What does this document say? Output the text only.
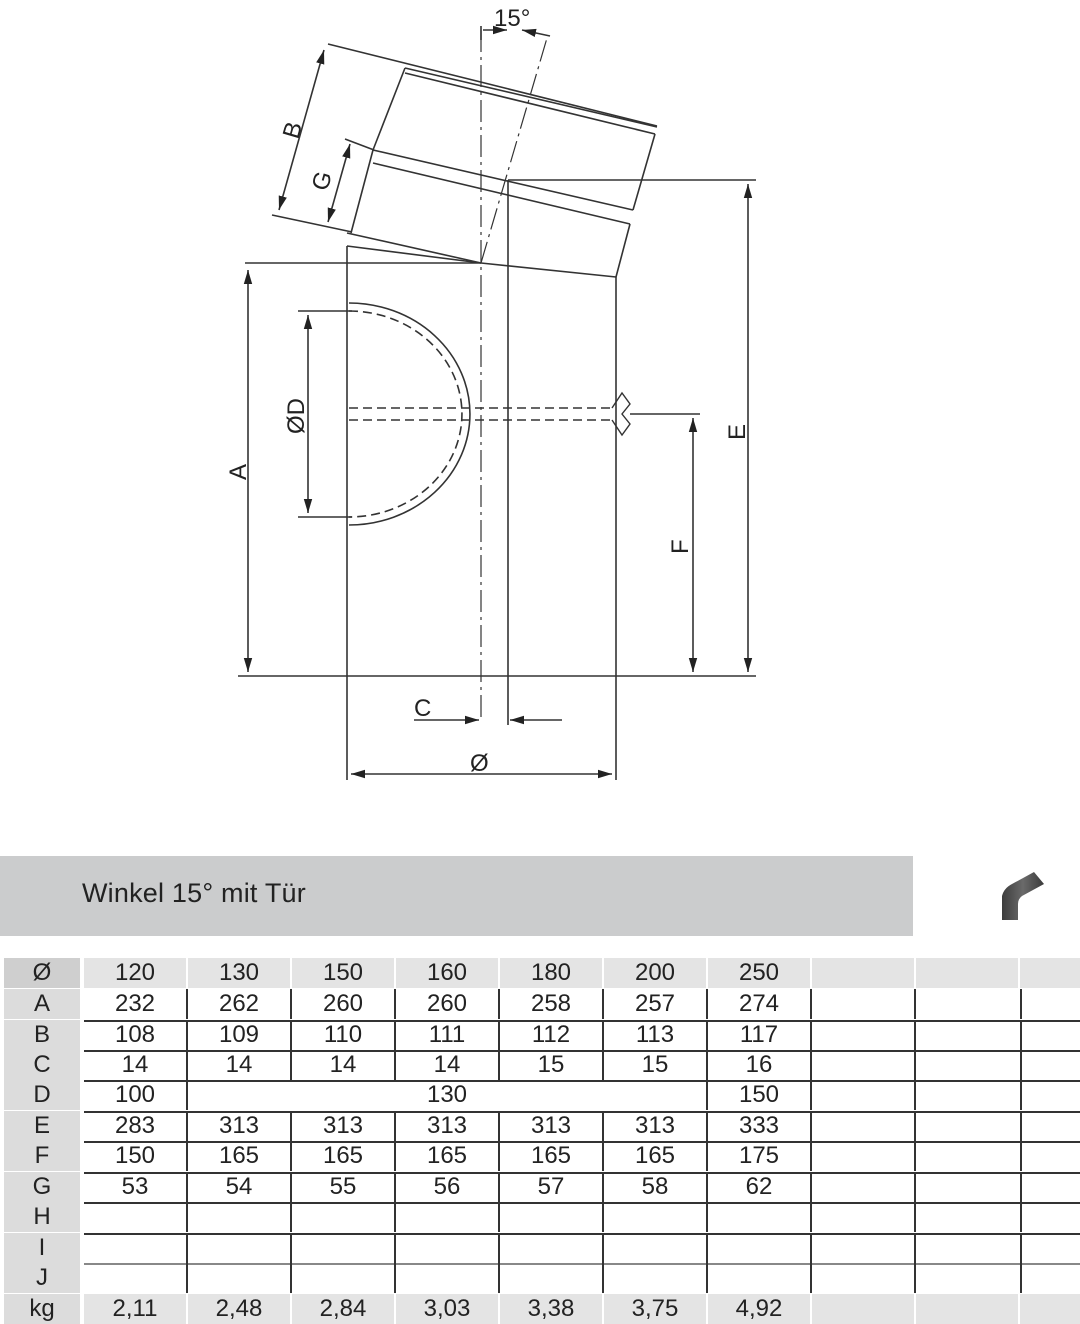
15°
B
G
A
ØD
F
E
C
Ø
Winkel 15° mit Tür
Ø	120	130	150	160	180	200	250
A	232	262	260	260	258	257	274
B	108	109	110	111	112	113	117
C	14	14	14	14	15	15	16
D	100	130	150
E	283	313	313	313	313	313	333
F	150	165	165	165	165	165	175
G	53	54	55	56	57	58	62
H
I
J
kg	2,11	2,48	2,84	3,03	3,38	3,75	4,92
